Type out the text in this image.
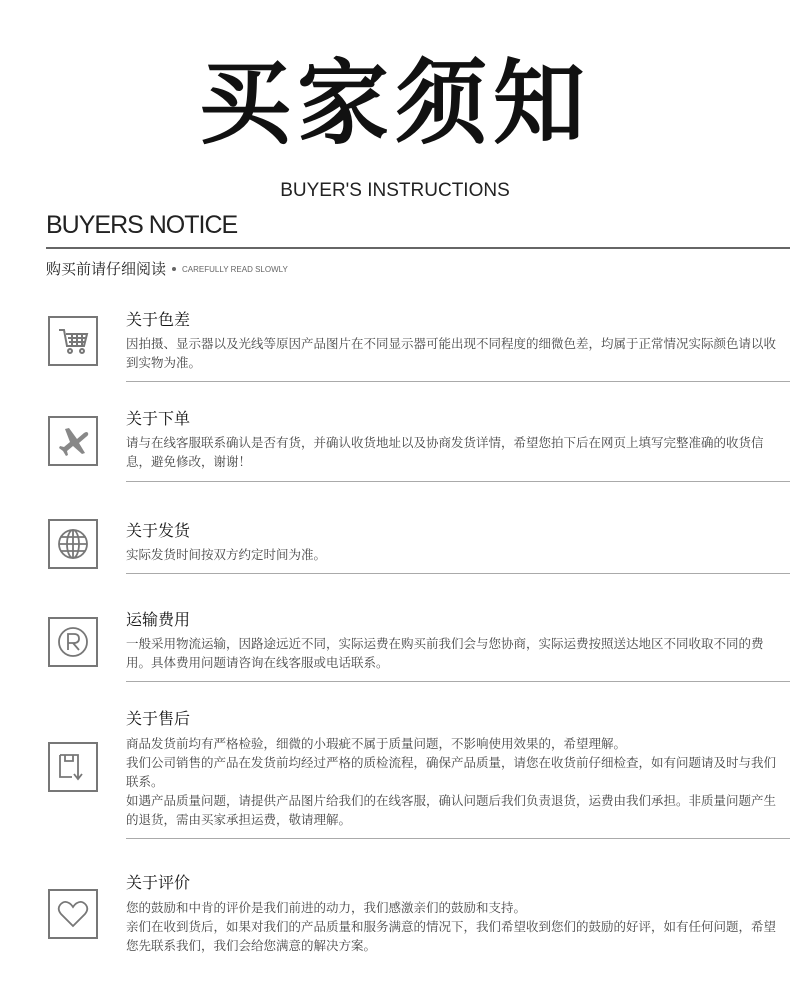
买家须知
BUYER'S INSTRUCTIONS
BUYERS NOTICE
购买前请仔细阅读 CAREFULLY READ SLOWLY
关于色差

因拍摄、显示器以及光线等原因产品图片在不同显示器可能出现不同程度的细微色差，均属于正常情况实际颜色请以收到实物为准。

关于下单

请与在线客服联系确认是否有货，并确认收货地址以及协商发货详情，希望您拍下后在网页上填写完整准确的收货信息，避免修改，谢谢！

关于发货

实际发货时间按双方约定时间为准。

运输费用

一般采用物流运输，因路途远近不同，实际运费在购买前我们会与您协商，实际运费按照送达地区不同收取不同的费用。具体费用问题请咨询在线客服或电话联系。

关于售后

商品发货前均有严格检验，细微的小瑕疵不属于质量问题，不影响使用效果的，希望理解。

我们公司销售的产品在发货前均经过严格的质检流程，确保产品质量，请您在收货前仔细检查，如有问题请及时与我们联系。

如遇产品质量问题，请提供产品图片给我们的在线客服，确认问题后我们负责退货，运费由我们承担。非质量问题产生的退货，需由买家承担运费，敬请理解。

关于评价

您的鼓励和中肯的评价是我们前进的动力，我们感激亲们的鼓励和支持。

亲们在收到货后，如果对我们的产品质量和服务满意的情况下，我们希望收到您们的鼓励的好评，如有任何问题，希望您先联系我们，我们会给您满意的解决方案。
